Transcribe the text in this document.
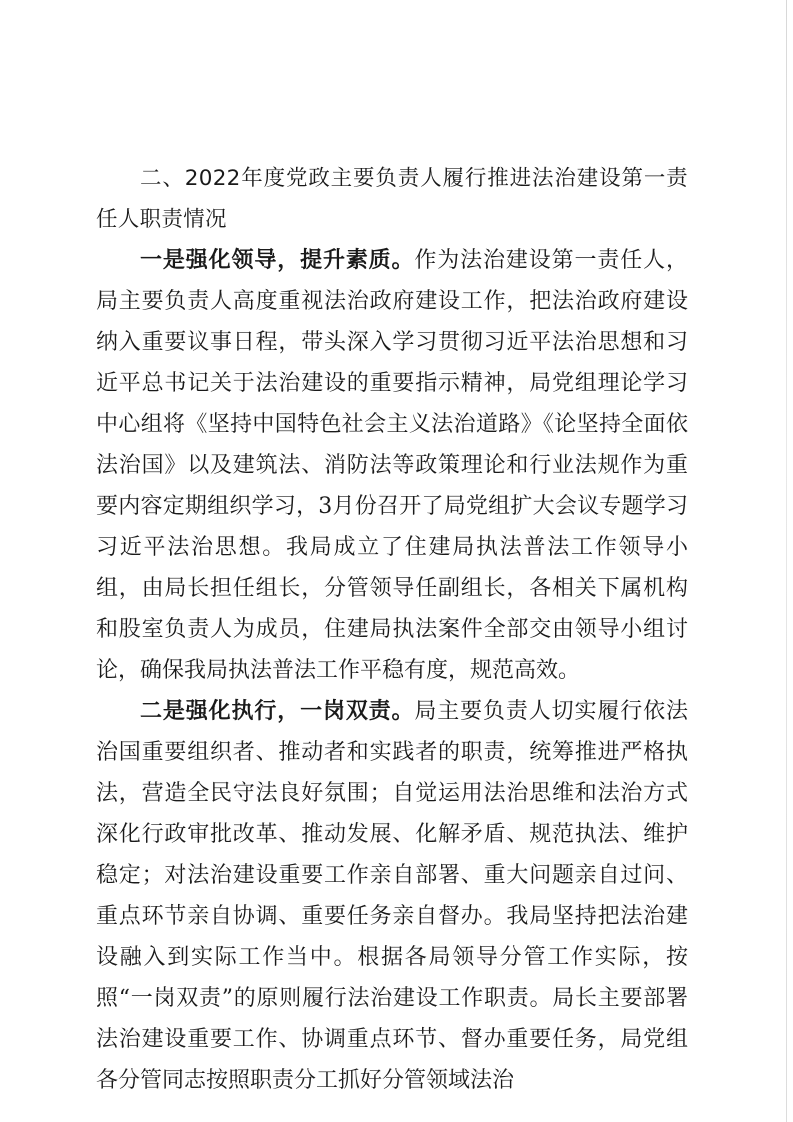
二、2022年度党政主要负责人履行推进法治建设第一责任人职责情况

一是强化领导，提升素质。作为法治建设第一责任人，局主要负责人高度重视法治政府建设工作，把法治政府建设纳入重要议事日程，带头深入学习贯彻习近平法治思想和习近平总书记关于法治建设的重要指示精神，局党组理论学习中心组将《坚持中国特色社会主义法治道路》《论坚持全面依法治国》以及建筑法、消防法等政策理论和行业法规作为重要内容定期组织学习，3月份召开了局党组扩大会议专题学习习近平法治思想。我局成立了住建局执法普法工作领导小组，由局长担任组长，分管领导任副组长，各相关下属机构和股室负责人为成员，住建局执法案件全部交由领导小组讨论，确保我局执法普法工作平稳有度，规范高效。

二是强化执行，一岗双责。局主要负责人切实履行依法治国重要组织者、推动者和实践者的职责，统筹推进严格执法，营造全民守法良好氛围；自觉运用法治思维和法治方式深化行政审批改革、推动发展、化解矛盾、规范执法、维护稳定；对法治建设重要工作亲自部署、重大问题亲自过问、重点环节亲自协调、重要任务亲自督办。我局坚持把法治建设融入到实际工作当中。根据各局领导分管工作实际，按照“一岗双责”的原则履行法治建设工作职责。局长主要部署法治建设重要工作、协调重点环节、督办重要任务，局党组各分管同志按照职责分工抓好分管领域法治
